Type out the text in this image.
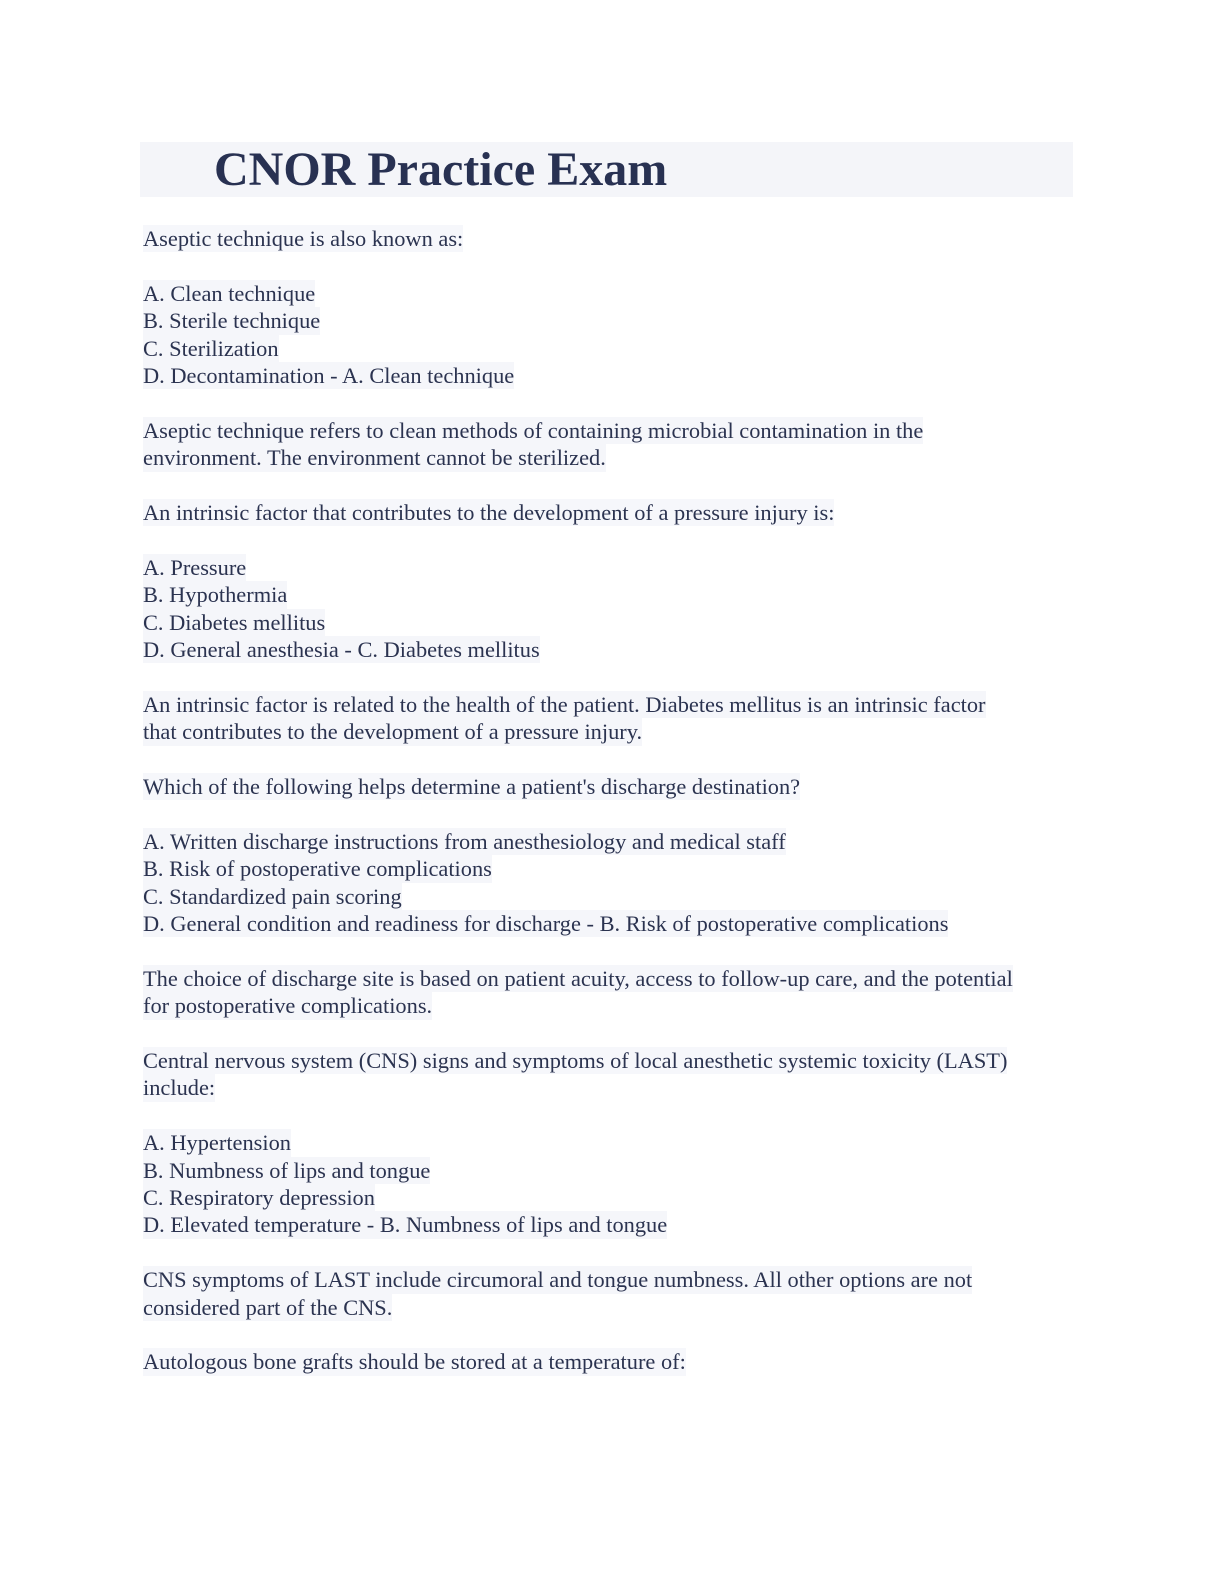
CNOR Practice Exam
Aseptic technique is also known as:
A. Clean technique
B. Sterile technique
C. Sterilization
D. Decontamination - A. Clean technique
Aseptic technique refers to clean methods of containing microbial contamination in the
environment. The environment cannot be sterilized.
An intrinsic factor that contributes to the development of a pressure injury is:
A. Pressure
B. Hypothermia
C. Diabetes mellitus
D. General anesthesia - C. Diabetes mellitus
An intrinsic factor is related to the health of the patient. Diabetes mellitus is an intrinsic factor
that contributes to the development of a pressure injury.
Which of the following helps determine a patient's discharge destination?
A. Written discharge instructions from anesthesiology and medical staff
B. Risk of postoperative complications
C. Standardized pain scoring
D. General condition and readiness for discharge - B. Risk of postoperative complications
The choice of discharge site is based on patient acuity, access to follow-up care, and the potential
for postoperative complications.
Central nervous system (CNS) signs and symptoms of local anesthetic systemic toxicity (LAST)
include:
A. Hypertension
B. Numbness of lips and tongue
C. Respiratory depression
D. Elevated temperature - B. Numbness of lips and tongue
CNS symptoms of LAST include circumoral and tongue numbness. All other options are not
considered part of the CNS.
Autologous bone grafts should be stored at a temperature of:
